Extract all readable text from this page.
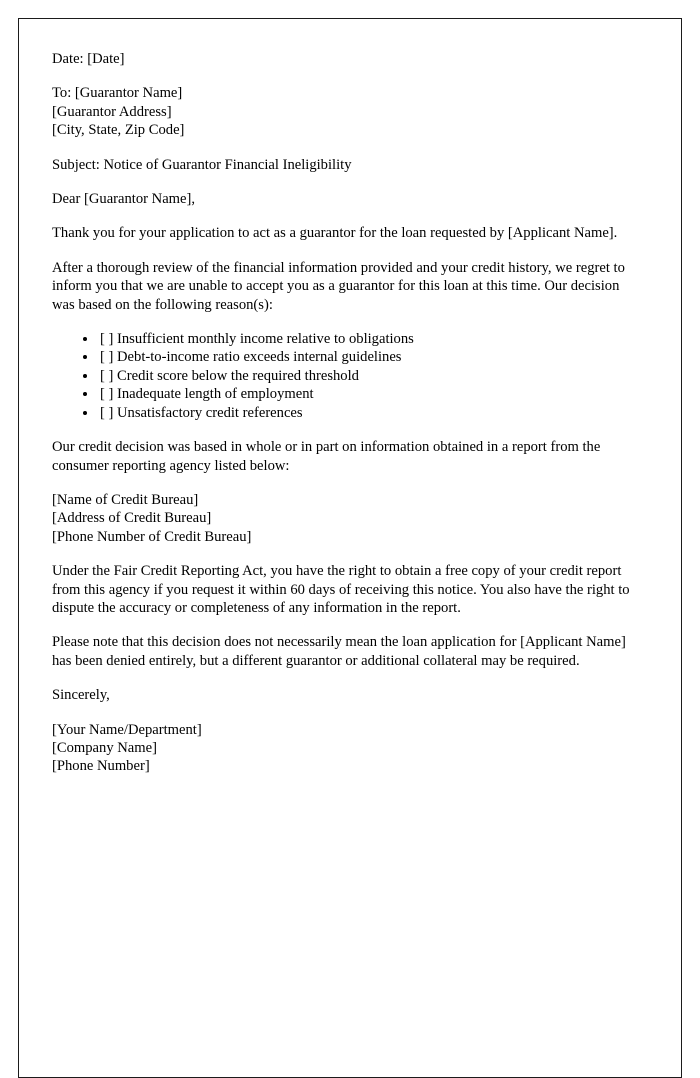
Date: [Date]

To: [Guarantor Name]
[Guarantor Address]
[City, State, Zip Code]

Subject: Notice of Guarantor Financial Ineligibility

Dear [Guarantor Name],

Thank you for your application to act as a guarantor for the loan requested by [Applicant Name].

After a thorough review of the financial information provided and your credit history, we regret to inform you that we are unable to accept you as a guarantor for this loan at this time. Our decision was based on the following reason(s):

• [ ] Insufficient monthly income relative to obligations
• [ ] Debt-to-income ratio exceeds internal guidelines
• [ ] Credit score below the required threshold
• [ ] Inadequate length of employment
• [ ] Unsatisfactory credit references

Our credit decision was based in whole or in part on information obtained in a report from the consumer reporting agency listed below:

[Name of Credit Bureau]
[Address of Credit Bureau]
[Phone Number of Credit Bureau]

Under the Fair Credit Reporting Act, you have the right to obtain a free copy of your credit report from this agency if you request it within 60 days of receiving this notice. You also have the right to dispute the accuracy or completeness of any information in the report.

Please note that this decision does not necessarily mean the loan application for [Applicant Name] has been denied entirely, but a different guarantor or additional collateral may be required.

Sincerely,

[Your Name/Department]
[Company Name]
[Phone Number]
